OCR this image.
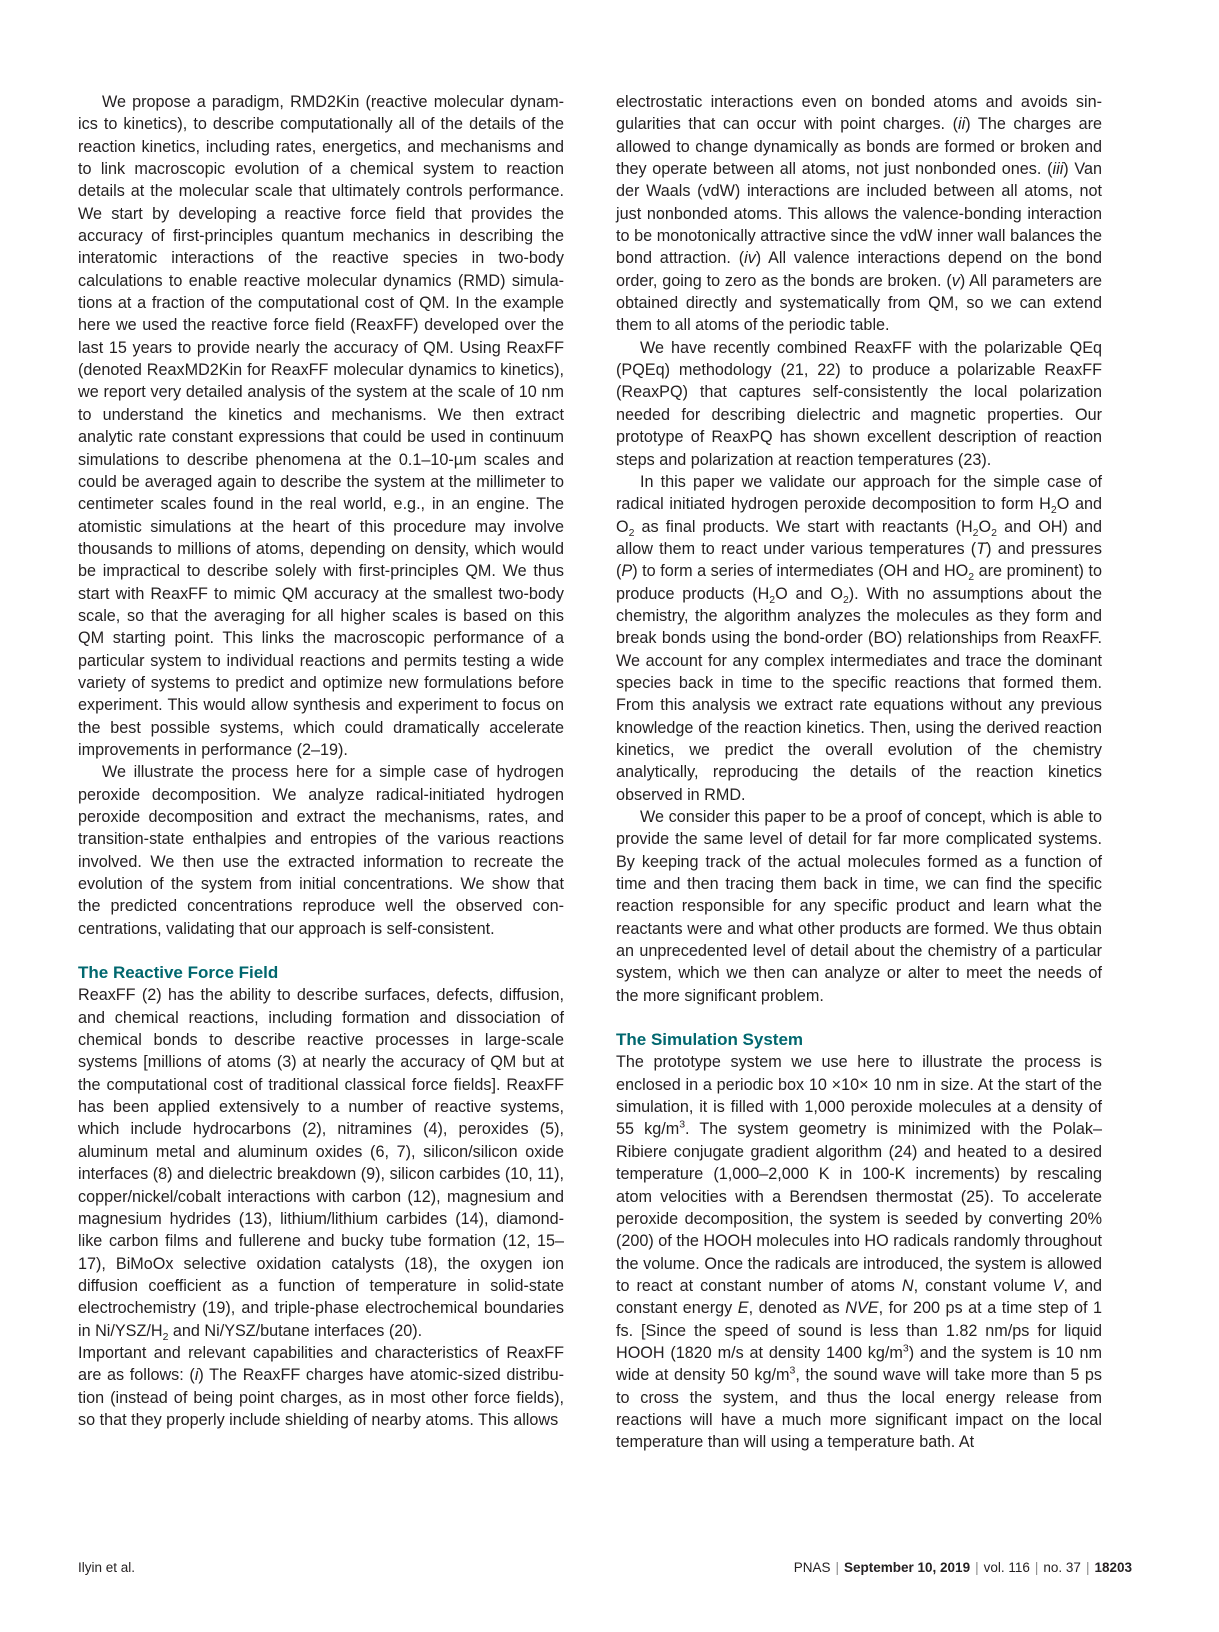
We propose a paradigm, RMD2Kin (reactive molecular dynamics to kinetics), to describe computationally all of the details of the reaction kinetics, including rates, energetics, and mechanisms and to link macroscopic evolution of a chemical system to reaction details at the molecular scale that ultimately controls performance. We start by developing a reactive force field that provides the accuracy of first-principles quantum mechanics in describing the interatomic interactions of the reactive species in two-body calculations to enable reactive molecular dynamics (RMD) simulations at a fraction of the computational cost of QM. In the example here we used the reactive force field (ReaxFF) developed over the last 15 years to provide nearly the accuracy of QM. Using ReaxFF (denoted ReaxMD2Kin for ReaxFF molecular dynamics to kinetics), we report very detailed analysis of the system at the scale of 10 nm to understand the kinetics and mechanisms. We then extract analytic rate constant expressions that could be used in continuum simulations to describe phenomena at the 0.1–10-µm scales and could be averaged again to describe the system at the millimeter to centimeter scales found in the real world, e.g., in an engine. The atomistic simulations at the heart of this procedure may involve thousands to millions of atoms, depending on density, which would be impractical to describe solely with first-principles QM. We thus start with ReaxFF to mimic QM accuracy at the smallest two-body scale, so that the averaging for all higher scales is based on this QM starting point. This links the macroscopic performance of a particular system to individual reactions and permits testing a wide variety of systems to predict and optimize new formulations before experiment. This would allow synthesis and experiment to focus on the best possible systems, which could dramatically accelerate improvements in performance (2–19).

We illustrate the process here for a simple case of hydrogen peroxide decomposition. We analyze radical-initiated hydrogen peroxide decomposition and extract the mechanisms, rates, and transition-state enthalpies and entropies of the various reactions involved. We then use the extracted information to recreate the evolution of the system from initial concentrations. We show that the predicted concentrations reproduce well the observed concentrations, validating that our approach is self-consistent.

The Reactive Force Field

ReaxFF (2) has the ability to describe surfaces, defects, diffusion, and chemical reactions, including formation and dissociation of chemical bonds to describe reactive processes in large-scale systems [millions of atoms (3) at nearly the accuracy of QM but at the computational cost of traditional classical force fields]. ReaxFF has been applied extensively to a number of reactive systems, which include hydrocarbons (2), nitramines (4), peroxides (5), aluminum metal and aluminum oxides (6, 7), silicon/silicon oxide interfaces (8) and dielectric breakdown (9), silicon carbides (10, 11), copper/nickel/cobalt interactions with carbon (12), magnesium and magnesium hydrides (13), lithium/lithium carbides (14), diamond-like carbon films and fullerene and bucky tube formation (12, 15–17), BiMoOx selective oxidation catalysts (18), the oxygen ion diffusion coefficient as a function of temperature in solid-state electrochemistry (19), and triple-phase electrochemical boundaries in $Ni/YSZ/H_2$ and Ni/YSZ/butane interfaces (20).

Important and relevant capabilities and characteristics of ReaxFF are as follows: (i) The ReaxFF charges have atomic-sized distribution (instead of being point charges, as in most other force fields), so that they properly include shielding of nearby atoms. This allows

electrostatic interactions even on bonded atoms and avoids singularities that can occur with point charges. (ii) The charges are allowed to change dynamically as bonds are formed or broken and they operate between all atoms, not just nonbonded ones. (iii) Van der Waals (vdW) interactions are included between all atoms, not just nonbonded atoms. This allows the valence-bonding interaction to be monotonically attractive since the vdW inner wall balances the bond attraction. (iv) All valence interactions depend on the bond order, going to zero as the bonds are broken. (v) All parameters are obtained directly and systematically from QM, so we can extend them to all atoms of the periodic table.

We have recently combined ReaxFF with the polarizable QEq (PQEq) methodology (21, 22) to produce a polarizable ReaxFF (ReaxPQ) that captures self-consistently the local polarization needed for describing dielectric and magnetic properties. Our prototype of ReaxPQ has shown excellent description of reaction steps and polarization at reaction temperatures (23).

In this paper we validate our approach for the simple case of radical initiated hydrogen peroxide decomposition to form $H_2O$ and $O_2$ as final products. We start with reactants ($H_2O_2$ and OH) and allow them to react under various temperatures (T) and pressures (P) to form a series of intermediates (OH and $HO_2$ are prominent) to produce products ($H_2O$ and $O_2$). With no assumptions about the chemistry, the algorithm analyzes the molecules as they form and break bonds using the bond-order (BO) relationships from ReaxFF. We account for any complex intermediates and trace the dominant species back in time to the specific reactions that formed them. From this analysis we extract rate equations without any previous knowledge of the reaction kinetics. Then, using the derived reaction kinetics, we predict the overall evolution of the chemistry analytically, reproducing the details of the reaction kinetics observed in RMD.

We consider this paper to be a proof of concept, which is able to provide the same level of detail for far more complicated systems. By keeping track of the actual molecules formed as a function of time and then tracing them back in time, we can find the specific reaction responsible for any specific product and learn what the reactants were and what other products are formed. We thus obtain an unprecedented level of detail about the chemistry of a particular system, which we then can analyze or alter to meet the needs of the more significant problem.

The Simulation System

The prototype system we use here to illustrate the process is enclosed in a periodic box 10 ×10× 10 nm in size. At the start of the simulation, it is filled with 1,000 peroxide molecules at a density of 55 $kg/m^3$. The system geometry is minimized with the Polak–Ribiere conjugate gradient algorithm (24) and heated to a desired temperature (1,000–2,000 K in 100-K increments) by rescaling atom velocities with a Berendsen thermostat (25). To accelerate peroxide decomposition, the system is seeded by converting 20% (200) of the HOOH molecules into HO radicals randomly throughout the volume. Once the radicals are introduced, the system is allowed to react at constant number of atoms N, constant volume V, and constant energy E, denoted as NVE, for 200 ps at a time step of 1 fs. [Since the speed of sound is less than 1.82 nm/ps for liquid HOOH (1820 m/s at density 1400 $kg/m^3$) and the system is 10 nm wide at density 50 $kg/m^3$, the sound wave will take more than 5 ps to cross the system, and thus the local energy release from reactions will have a much more significant impact on the local temperature than will using a temperature bath. At

Ilyin et al.	PNAS | September 10, 2019 | vol. 116 | no. 37 | 18203
